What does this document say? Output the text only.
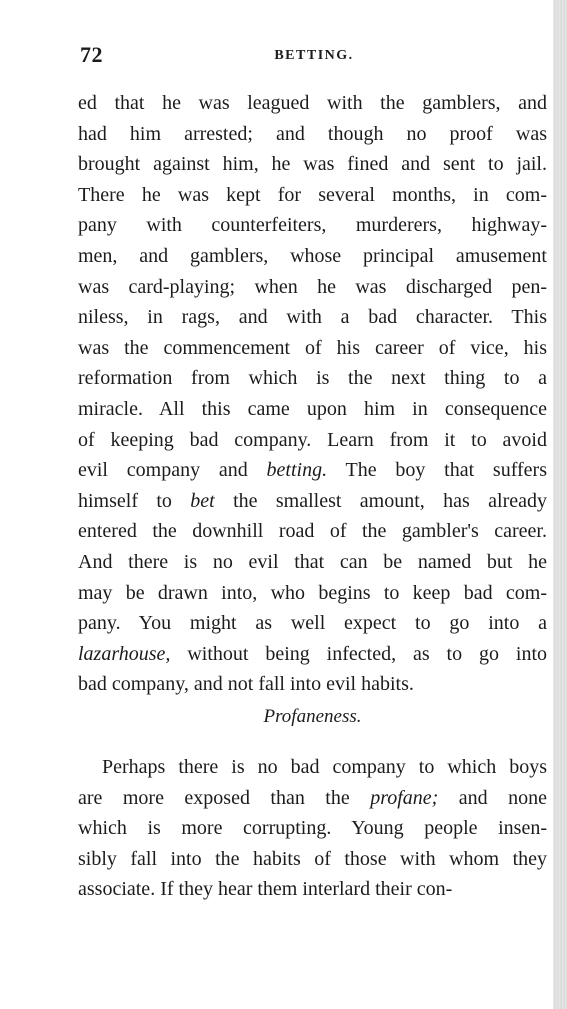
72	BETTING.
ed that he was leagued with the gamblers, and
had him arrested; and though no proof was
brought against him, he was fined and sent to jail.
There he was kept for several months, in com-
pany with counterfeiters, murderers, highway-
men, and gamblers, whose principal amusement
was card-playing; when he was discharged pen-
niless, in rags, and with a bad character. This
was the commencement of his career of vice, his
reformation from which is the next thing to a
miracle. All this came upon him in consequence
of keeping bad company. Learn from it to avoid
evil company and betting. The boy that suffers
himself to bet the smallest amount, has already
entered the downhill road of the gambler's career.
And there is no evil that can be named but he
may be drawn into, who begins to keep bad com-
pany. You might as well expect to go into a
lazarhouse, without being infected, as to go into
bad company, and not fall into evil habits.
Profaneness.
Perhaps there is no bad company to which boys
are more exposed than the profane; and none
which is more corrupting. Young people insen-
sibly fall into the habits of those with whom they
associate. If they hear them interlard their con-
